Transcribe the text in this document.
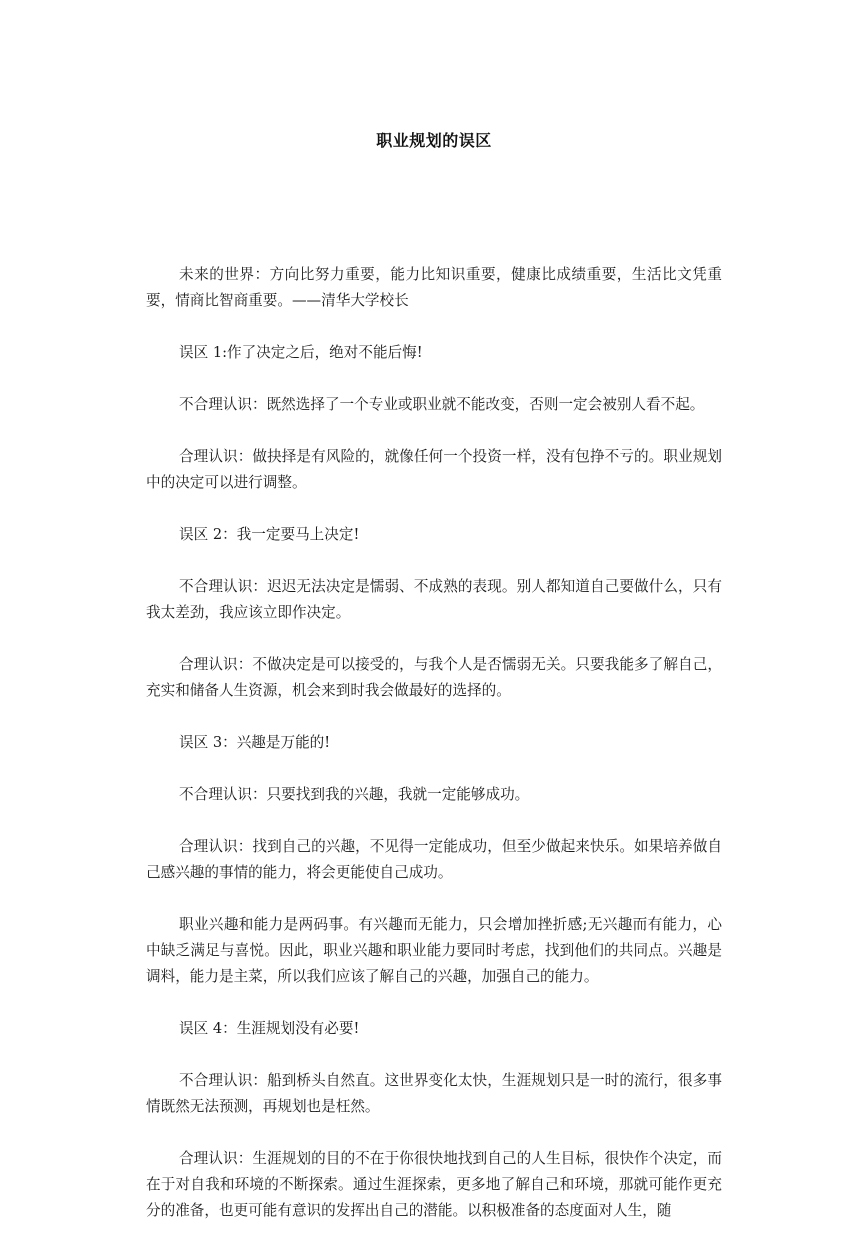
职业规划的误区

未来的世界：方向比努力重要，能力比知识重要，健康比成绩重要，生活比文凭重要，情商比智商重要。——清华大学校长

误区 1:作了决定之后，绝对不能后悔!

不合理认识：既然选择了一个专业或职业就不能改变，否则一定会被别人看不起。

合理认识：做抉择是有风险的，就像任何一个投资一样，没有包挣不亏的。职业规划中的决定可以进行调整。

误区 2：我一定要马上决定!

不合理认识：迟迟无法决定是懦弱、不成熟的表现。别人都知道自己要做什么，只有我太差劲，我应该立即作决定。

合理认识：不做决定是可以接受的，与我个人是否懦弱无关。只要我能多了解自己，充实和储备人生资源，机会来到时我会做最好的选择的。

误区 3：兴趣是万能的!

不合理认识：只要找到我的兴趣，我就一定能够成功。

合理认识：找到自己的兴趣，不见得一定能成功，但至少做起来快乐。如果培养做自己感兴趣的事情的能力，将会更能使自己成功。

职业兴趣和能力是两码事。有兴趣而无能力，只会增加挫折感;无兴趣而有能力，心中缺乏满足与喜悦。因此，职业兴趣和职业能力要同时考虑，找到他们的共同点。兴趣是调料，能力是主菜，所以我们应该了解自己的兴趣，加强自己的能力。

误区 4：生涯规划没有必要!

不合理认识：船到桥头自然直。这世界变化太快，生涯规划只是一时的流行，很多事情既然无法预测，再规划也是枉然。

合理认识：生涯规划的目的不在于你很快地找到自己的人生目标，很快作个决定，而在于对自我和环境的不断探索。通过生涯探索，更多地了解自己和环境，那就可能作更充分的准备，也更可能有意识的发挥出自己的潜能。以积极准备的态度面对人生，随
